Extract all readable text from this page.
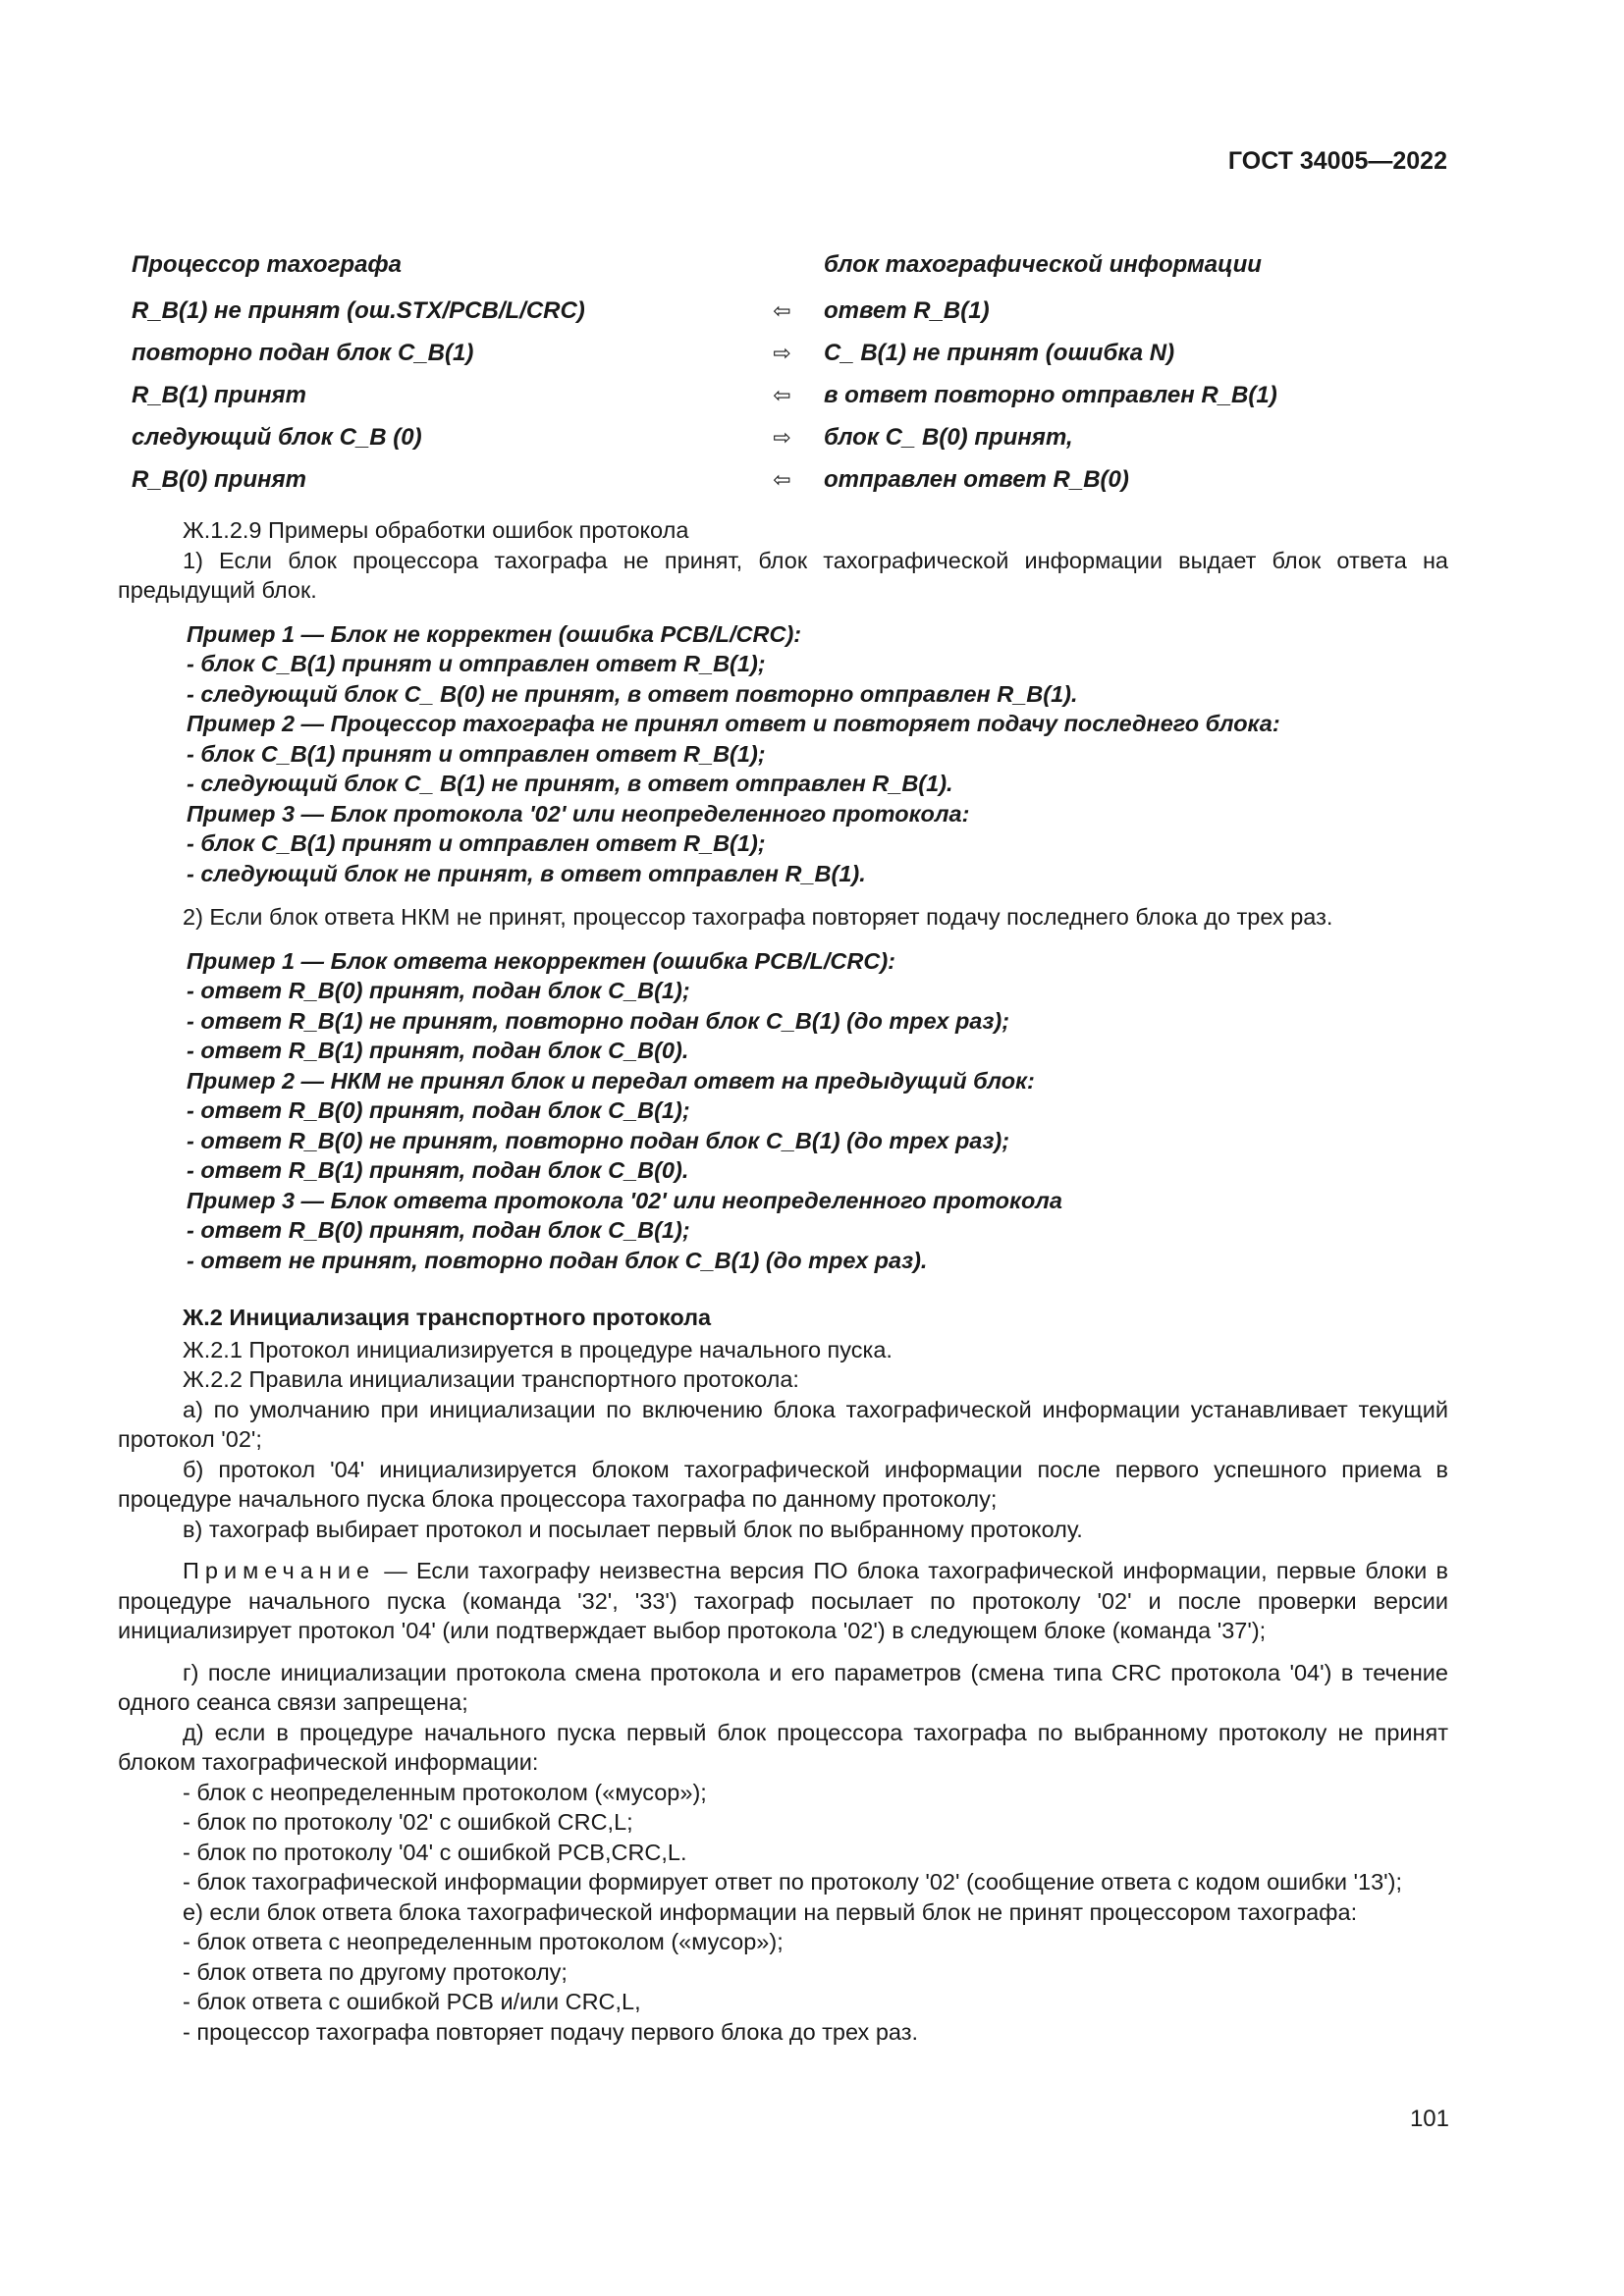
ГОСТ 34005—2022
Процессор тахографа	блок тахографической информации
R_B(1) не принят (ош.STX/PCB/L/CRC)	⇦	ответ R_B(1)
повторно подан блок C_B(1)	⇨	C_ B(1) не принят (ошибка N)
R_B(1) принят	⇦	в ответ повторно отправлен R_B(1)
следующий блок C_B (0)	⇨	блок C_ B(0) принят,
R_B(0) принят	⇦	отправлен ответ R_B(0)

Ж.1.2.9 Примеры обработки ошибок протокола

1) Если блок процессора тахографа не принят, блок тахографической информации выдает блок ответа на предыдущий блок.

Пример 1 — Блок не корректен (ошибка PCB/L/CRC):
- блок C_B(1) принят и отправлен ответ R_B(1);
- следующий блок C_ B(0) не принят, в ответ повторно отправлен R_B(1).
Пример 2 — Процессор тахографа не принял ответ и повторяет подачу последнего блока:
- блок C_B(1) принят и отправлен ответ R_B(1);
- следующий блок C_ B(1) не принят, в ответ отправлен R_B(1).
Пример 3 — Блок протокола '02' или неопределенного протокола:
- блок C_B(1) принят и отправлен ответ R_B(1);
- следующий блок не принят, в ответ отправлен R_B(1).

2) Если блок ответа НКМ не принят, процессор тахографа повторяет подачу последнего блока до трех раз.

Пример 1 — Блок ответа некорректен (ошибка PCB/L/CRC):
- ответ R_B(0) принят, подан блок C_B(1);
- ответ R_B(1) не принят, повторно подан блок C_B(1) (до трех раз);
- ответ R_B(1) принят, подан блок C_B(0).
Пример 2 — НКМ не принял блок и передал ответ на предыдущий блок:
- ответ R_B(0) принят, подан блок C_B(1);
- ответ R_B(0) не принят, повторно подан блок C_B(1) (до трех раз);
- ответ R_B(1) принят, подан блок C_B(0).
Пример 3 — Блок ответа протокола '02' или неопределенного протокола
- ответ R_B(0) принят, подан блок C_B(1);
- ответ не принят, повторно подан блок C_B(1) (до трех раз).
Ж.2 Инициализация транспортного протокола

Ж.2.1 Протокол инициализируется в процедуре начального пуска.

Ж.2.2 Правила инициализации транспортного протокола:

а) по умолчанию при инициализации по включению блока тахографической информации устанавливает текущий протокол '02';

б) протокол '04' инициализируется блоком тахографической информации после первого успешного приема в процедуре начального пуска блока процессора тахографа по данному протоколу;

в) тахограф выбирает протокол и посылает первый блок по выбранному протоколу.

Примечание — Если тахографу неизвестна версия ПО блока тахографической информации, первые блоки в процедуре начального пуска (команда '32', '33') тахограф посылает по протоколу '02' и после проверки версии инициализирует протокол '04' (или подтверждает выбор протокола '02') в следующем блоке (команда '37');

г) после инициализации протокола смена протокола и его параметров (смена типа CRC протокола '04') в течение одного сеанса связи запрещена;

д) если в процедуре начального пуска первый блок процессора тахографа по выбранному протоколу не принят блоком тахографической информации:

- блок с неопределенным протоколом («мусор»);

- блок по протоколу '02' с ошибкой CRC,L;

- блок по протоколу '04' с ошибкой PCB,CRC,L.

- блок тахографической информации формирует ответ по протоколу '02' (сообщение ответа с кодом ошибки '13');

е) если блок ответа блока тахографической информации на первый блок не принят процессором тахографа:

- блок ответа с неопределенным протоколом («мусор»);

- блок ответа по другому протоколу;

- блок ответа с ошибкой PCB и/или CRC,L,

- процессор тахографа повторяет подачу первого блока до трех раз.

101
